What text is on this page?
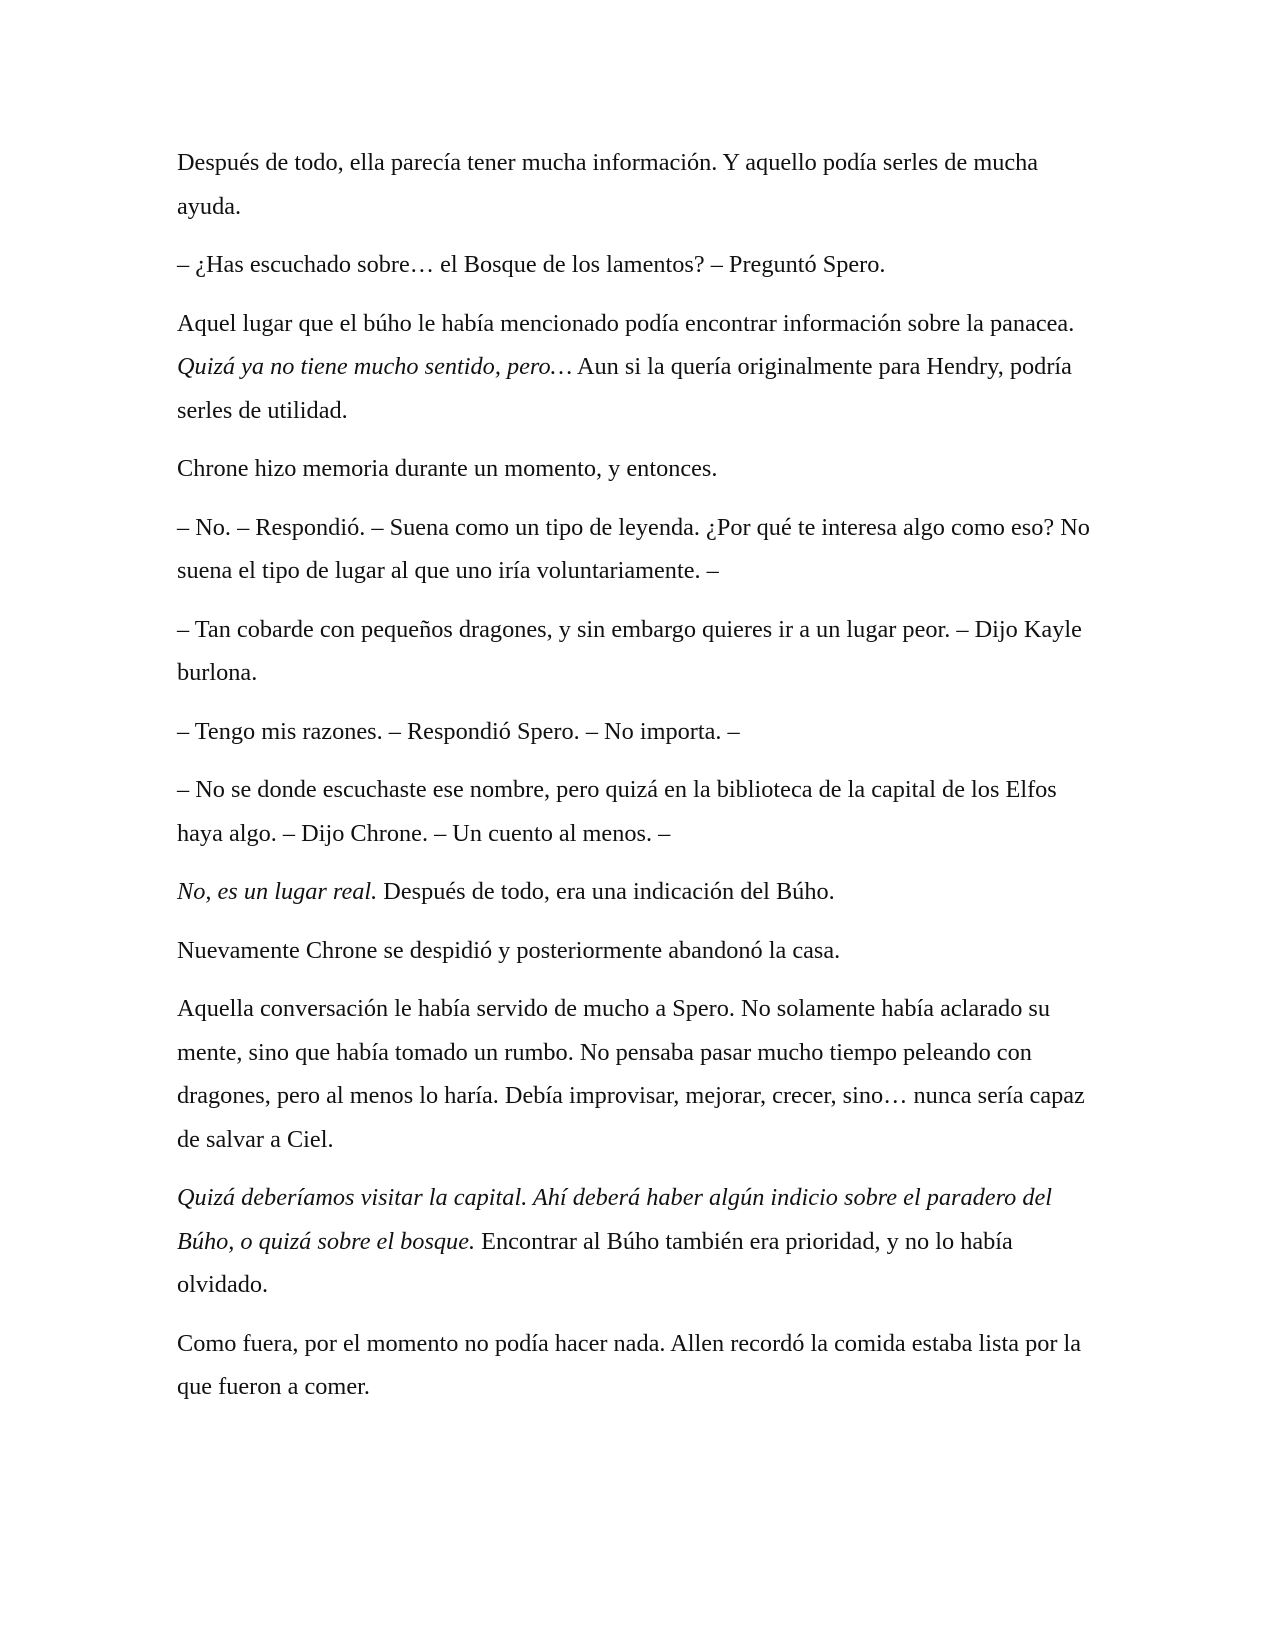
Después de todo, ella parecía tener mucha información. Y aquello podía serles de mucha ayuda.

– ¿Has escuchado sobre… el Bosque de los lamentos? – Preguntó Spero.

Aquel lugar que el búho le había mencionado podía encontrar información sobre la panacea. Quizá ya no tiene mucho sentido, pero… Aun si la quería originalmente para Hendry, podría serles de utilidad.

Chrone hizo memoria durante un momento, y entonces.

– No. – Respondió. – Suena como un tipo de leyenda. ¿Por qué te interesa algo como eso? No suena el tipo de lugar al que uno iría voluntariamente. –

– Tan cobarde con pequeños dragones, y sin embargo quieres ir a un lugar peor. – Dijo Kayle burlona.

– Tengo mis razones. – Respondió Spero. – No importa. –

– No se donde escuchaste ese nombre, pero quizá en la biblioteca de la capital de los Elfos haya algo. – Dijo Chrone. – Un cuento al menos. –

No, es un lugar real. Después de todo, era una indicación del Búho.

Nuevamente Chrone se despidió y posteriormente abandonó la casa.

Aquella conversación le había servido de mucho a Spero. No solamente había aclarado su mente, sino que había tomado un rumbo. No pensaba pasar mucho tiempo peleando con dragones, pero al menos lo haría. Debía improvisar, mejorar, crecer, sino… nunca sería capaz de salvar a Ciel.

Quizá deberíamos visitar la capital. Ahí deberá haber algún indicio sobre el paradero del Búho, o quizá sobre el bosque. Encontrar al Búho también era prioridad, y no lo había olvidado.

Como fuera, por el momento no podía hacer nada. Allen recordó la comida estaba lista por la que fueron a comer.
